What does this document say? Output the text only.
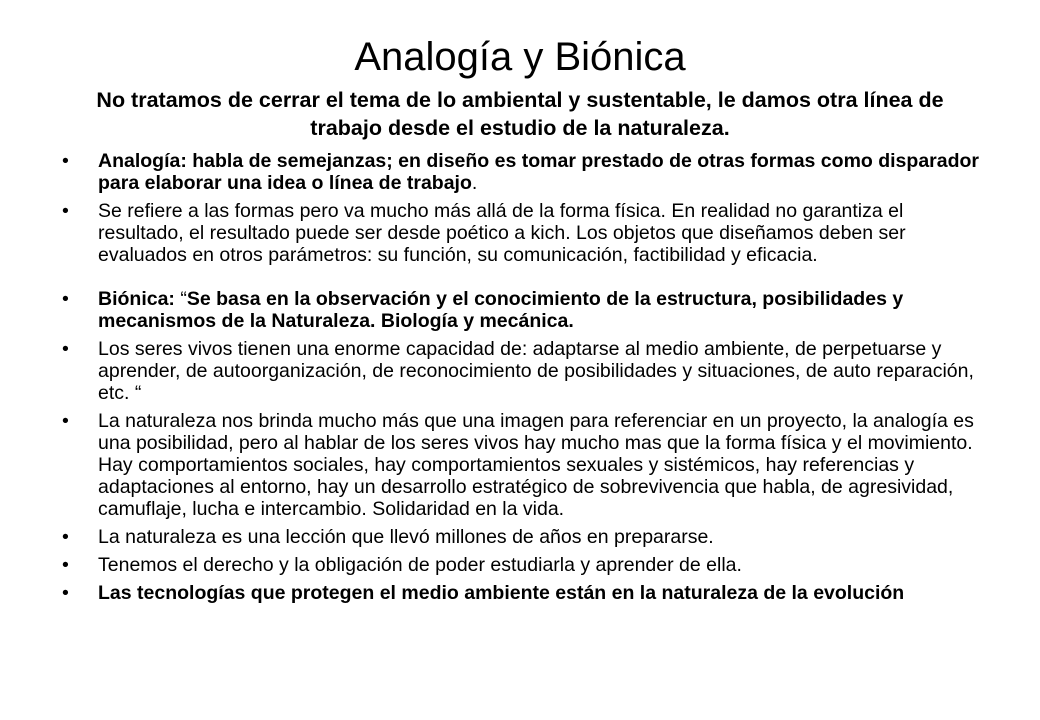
Analogía y Biónica
No tratamos de cerrar el tema de lo ambiental y sustentable, le damos otra línea de trabajo desde el estudio de la naturaleza.
• Analogía: habla de semejanzas; en diseño es tomar prestado de otras formas como disparador para elaborar una idea o línea de trabajo.
• Se refiere a las formas pero va mucho más allá de la forma física. En realidad no garantiza el resultado, el resultado puede ser desde poético a kich. Los objetos que diseñamos deben ser evaluados en otros parámetros: su función, su comunicación, factibilidad y eficacia.
• Biónica: “Se basa en la observación y el conocimiento de la estructura, posibilidades y mecanismos de la Naturaleza. Biología y mecánica.
• Los seres vivos tienen una enorme capacidad de: adaptarse al medio ambiente, de perpetuarse y aprender, de autoorganización, de reconocimiento de posibilidades y situaciones, de auto reparación, etc. “
• La naturaleza nos brinda mucho más que una imagen para referenciar en un proyecto, la analogía es una posibilidad, pero al hablar de los seres vivos hay mucho mas que la forma física y el movimiento. Hay comportamientos sociales, hay comportamientos sexuales y sistémicos, hay referencias y adaptaciones al entorno, hay un desarrollo estratégico de sobrevivencia que habla, de agresividad, camuflaje, lucha e intercambio. Solidaridad en la vida.
• La naturaleza es una lección que llevó millones de años en prepararse.
• Tenemos el derecho y la obligación de poder estudiarla y aprender de ella.
• Las tecnologías que protegen el medio ambiente están en la naturaleza de la evolución
